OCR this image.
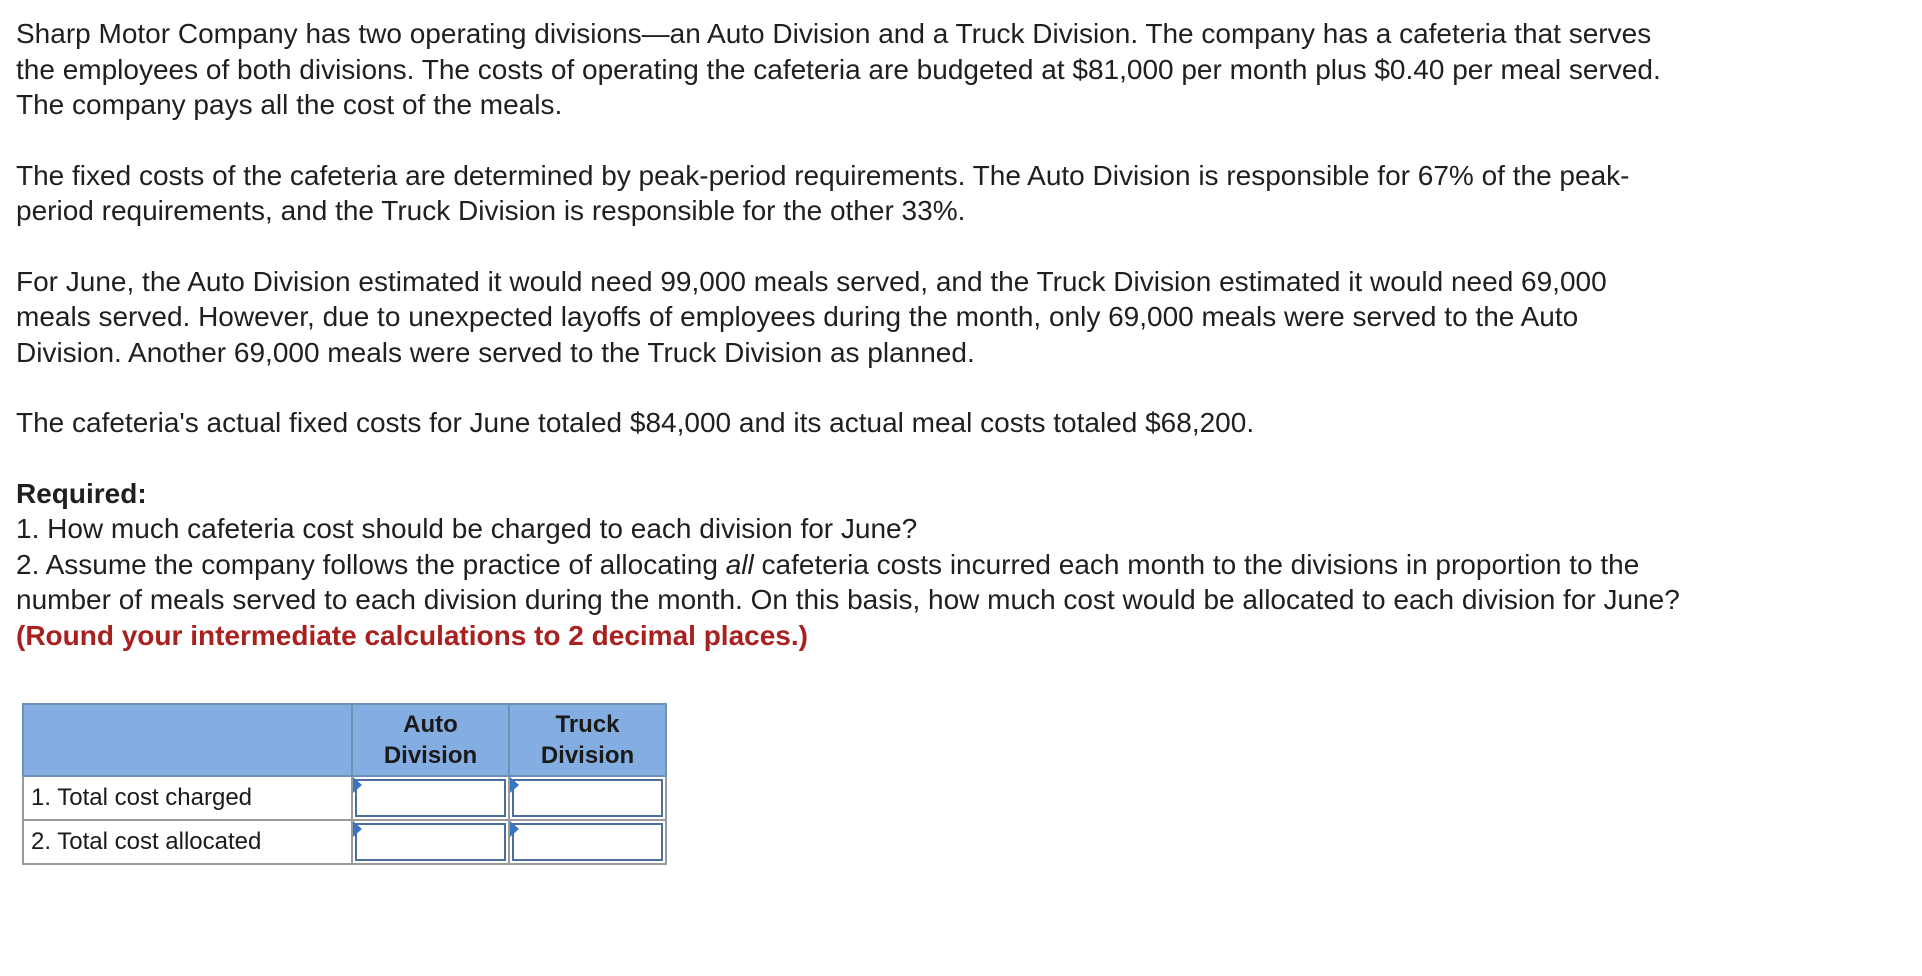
Sharp Motor Company has two operating divisions—an Auto Division and a Truck Division. The company has a cafeteria that serves

the employees of both divisions. The costs of operating the cafeteria are budgeted at $81,000 per month plus $0.40 per meal served.

The company pays all the cost of the meals.

The fixed costs of the cafeteria are determined by peak-period requirements. The Auto Division is responsible for 67% of the peak-

period requirements, and the Truck Division is responsible for the other 33%.

For June, the Auto Division estimated it would need 99,000 meals served, and the Truck Division estimated it would need 69,000

meals served. However, due to unexpected layoffs of employees during the month, only 69,000 meals were served to the Auto

Division. Another 69,000 meals were served to the Truck Division as planned.

The cafeteria's actual fixed costs for June totaled $84,000 and its actual meal costs totaled $68,200.

Required:

1. How much cafeteria cost should be charged to each division for June?

2. Assume the company follows the practice of allocating all cafeteria costs incurred each month to the divisions in proportion to the

number of meals served to each division during the month. On this basis, how much cost would be allocated to each division for June?

(Round your intermediate calculations to 2 decimal places.)

	Auto
Division	Truck
Division
1. Total cost charged	

2. Total cost allocated	
